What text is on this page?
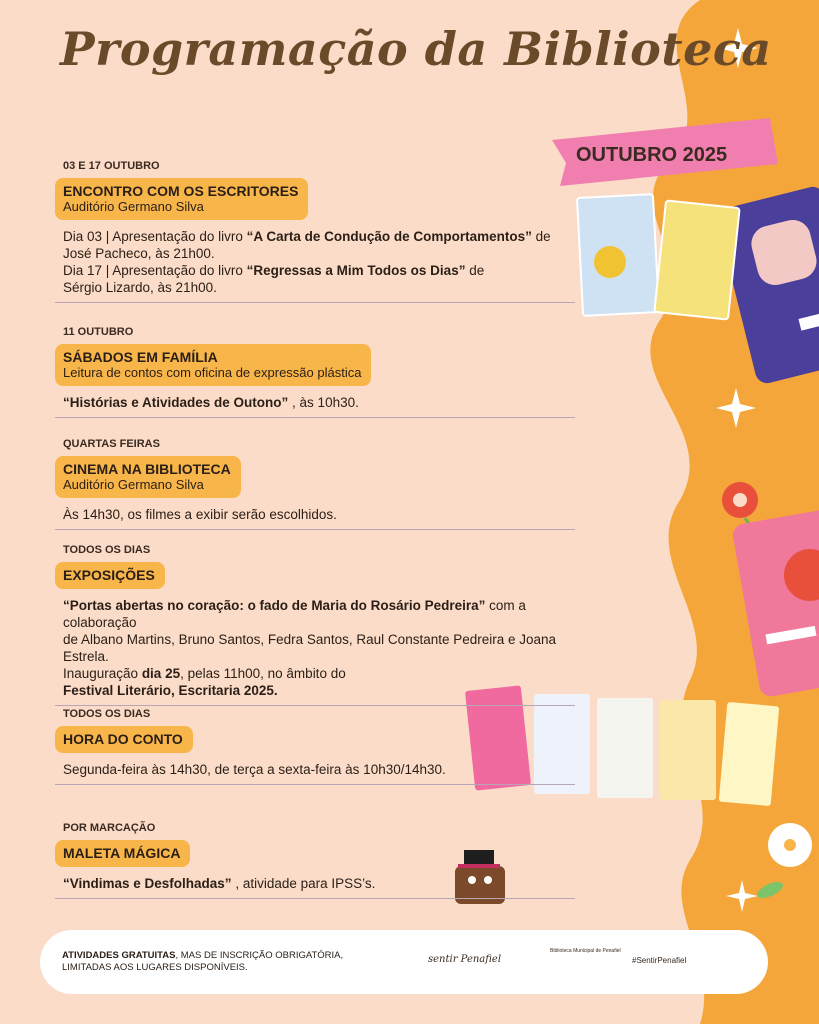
Programação da Biblioteca
OUTUBRO 2025
03 E 17 OUTUBRO
ENCONTRO COM OS ESCRITORES
Auditório Germano Silva
Dia 03 | Apresentação do livro “A Carta de Condução de Comportamentos” de
José Pacheco, às 21h00.
Dia 17 | Apresentação do livro “Regressas a Mim Todos os Dias” de
Sérgio Lizardo, às 21h00.
11 OUTUBRO
SÁBADOS EM FAMÍLIA
Leitura de contos com oficina de expressão plástica
“Histórias e Atividades de Outono” , às 10h30.
QUARTAS FEIRAS
CINEMA NA BIBLIOTECA
Auditório Germano Silva
Às 14h30, os filmes a exibir serão escolhidos.
TODOS OS DIAS
EXPOSIÇÕES
“Portas abertas no coração: o fado de Maria do Rosário Pedreira” com a colaboração
de Albano Martins, Bruno Santos, Fedra Santos, Raul Constante Pedreira e Joana Estrela.
Inauguração dia 25, pelas 11h00, no âmbito do
Festival Literário, Escritaria 2025.
TODOS OS DIAS
HORA DO CONTO
Segunda-feira às 14h30, de terça a sexta-feira às 10h30/14h30.
POR MARCAÇÃO
MALETA MÁGICA
“Vindimas e Desfolhadas” , atividade para IPSS’s.
ATIVIDADES GRATUITAS, MAS DE INSCRIÇÃO OBRIGATÓRIA,
LIMITADAS AOS LUGARES DISPONÍVEIS.
sentir Penafiel
Biblioteca Municipal de Penafiel
#SentirPenafiel
